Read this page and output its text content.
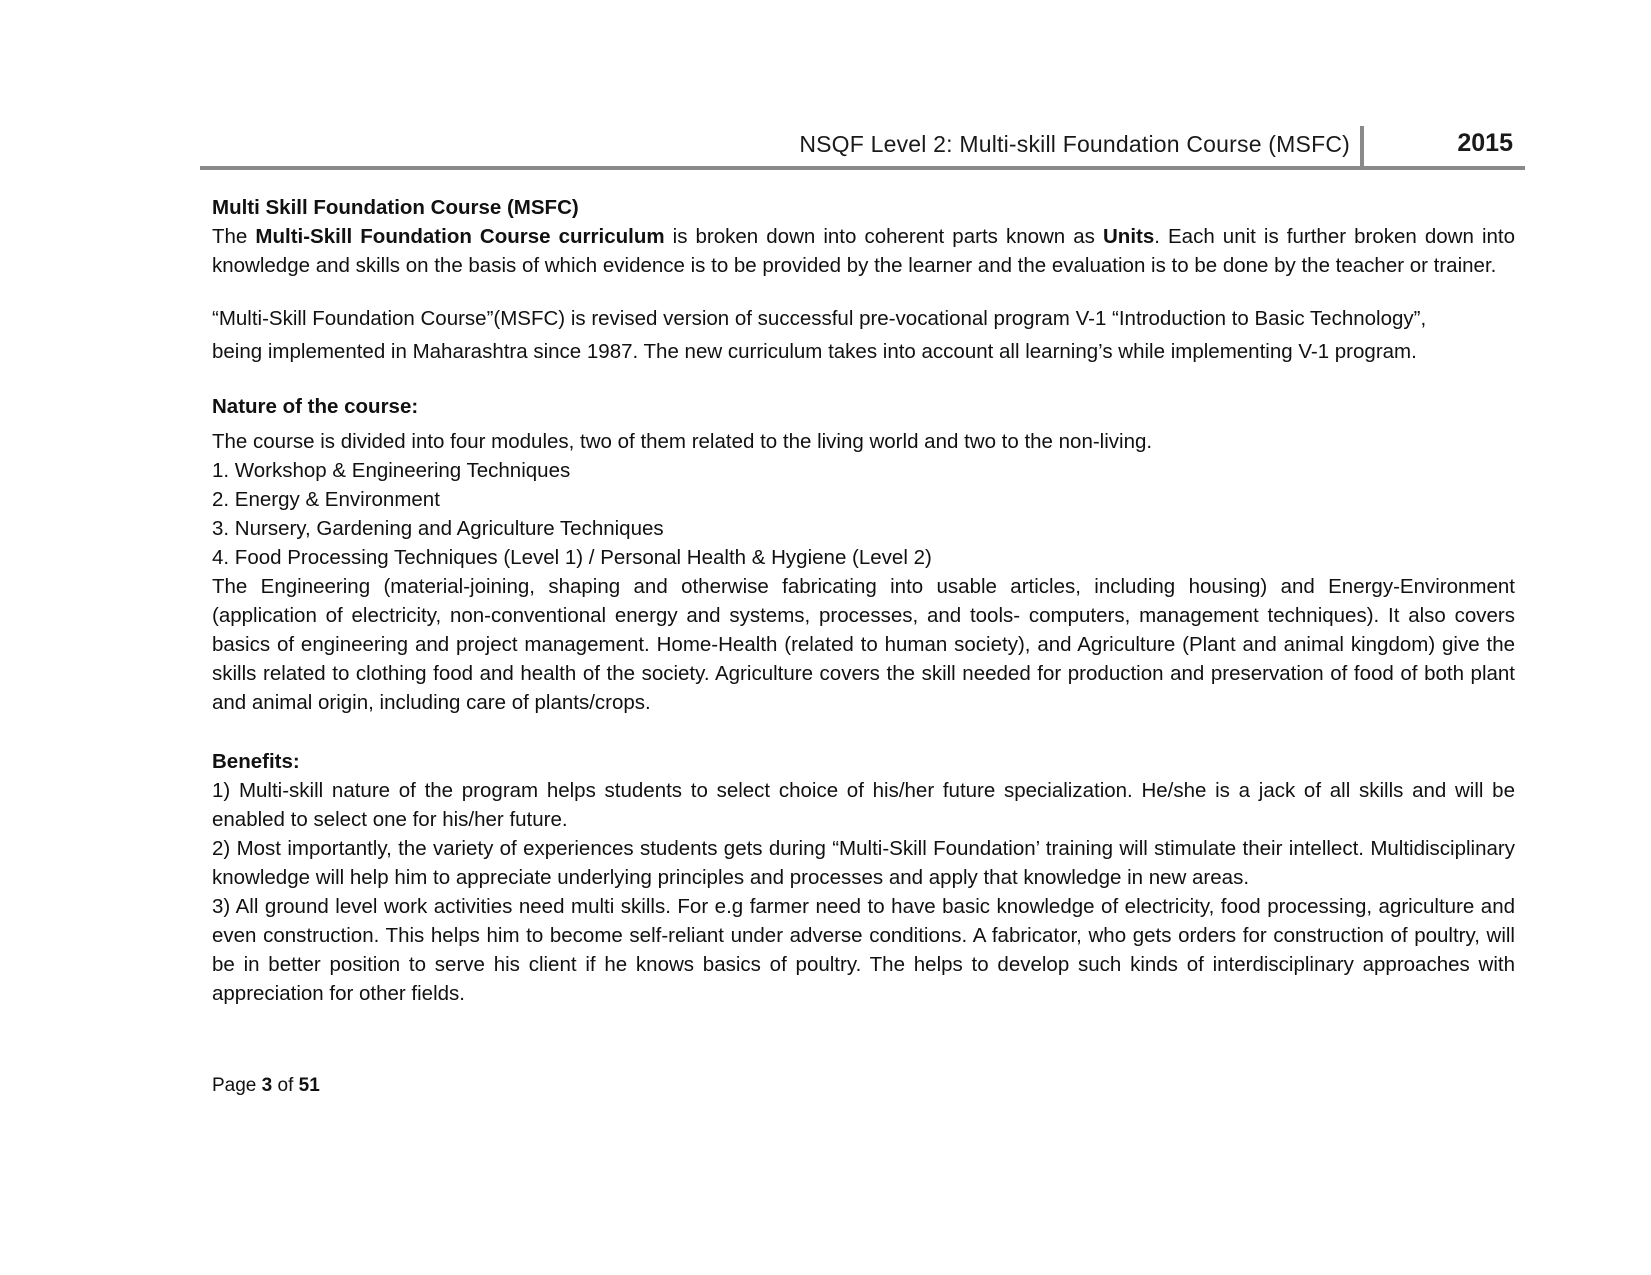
NSQF Level 2: Multi-skill Foundation Course (MSFC)	2015

Multi Skill Foundation Course (MSFC)

The Multi-Skill Foundation Course curriculum is broken down into coherent parts known as Units. Each unit is further broken down into knowledge and skills on the basis of which evidence is to be provided by the learner and the evaluation is to be done by the teacher or trainer.

“Multi-Skill Foundation Course”(MSFC) is revised version of successful pre-vocational program V-1 “Introduction to Basic Technology”,

being implemented in Maharashtra since 1987. The new curriculum takes into account all learning’s while implementing V-1 program.

Nature of the course:

The course is divided into four modules, two of them related to the living world and two to the non-living.

1. Workshop & Engineering Techniques

2. Energy & Environment

3. Nursery, Gardening and Agriculture Techniques

4. Food Processing Techniques (Level 1) / Personal Health & Hygiene (Level 2)

The Engineering (material-joining, shaping and otherwise fabricating into usable articles, including housing) and Energy-Environment (application of electricity, non-conventional energy and systems, processes, and tools- computers, management techniques). It also covers basics of engineering and project management. Home-Health (related to human society), and Agriculture (Plant and animal kingdom) give the skills related to clothing food and health of the society. Agriculture covers the skill needed for production and preservation of food of both plant and animal origin, including care of plants/crops.

Benefits:

1) Multi-skill nature of the program helps students to select choice of his/her future specialization. He/she is a jack of all skills and will be enabled to select one for his/her future.

2) Most importantly, the variety of experiences students gets during “Multi-Skill Foundation’ training will stimulate their intellect. Multidisciplinary knowledge will help him to appreciate underlying principles and processes and apply that knowledge in new areas.

3) All ground level work activities need multi skills. For e.g farmer need to have basic knowledge of electricity, food processing, agriculture and even construction. This helps him to become self-reliant under adverse conditions. A fabricator, who gets orders for construction of poultry, will be in better position to serve his client if he knows basics of poultry. The helps to develop such kinds of interdisciplinary approaches with appreciation for other fields.

Page 3 of 51
